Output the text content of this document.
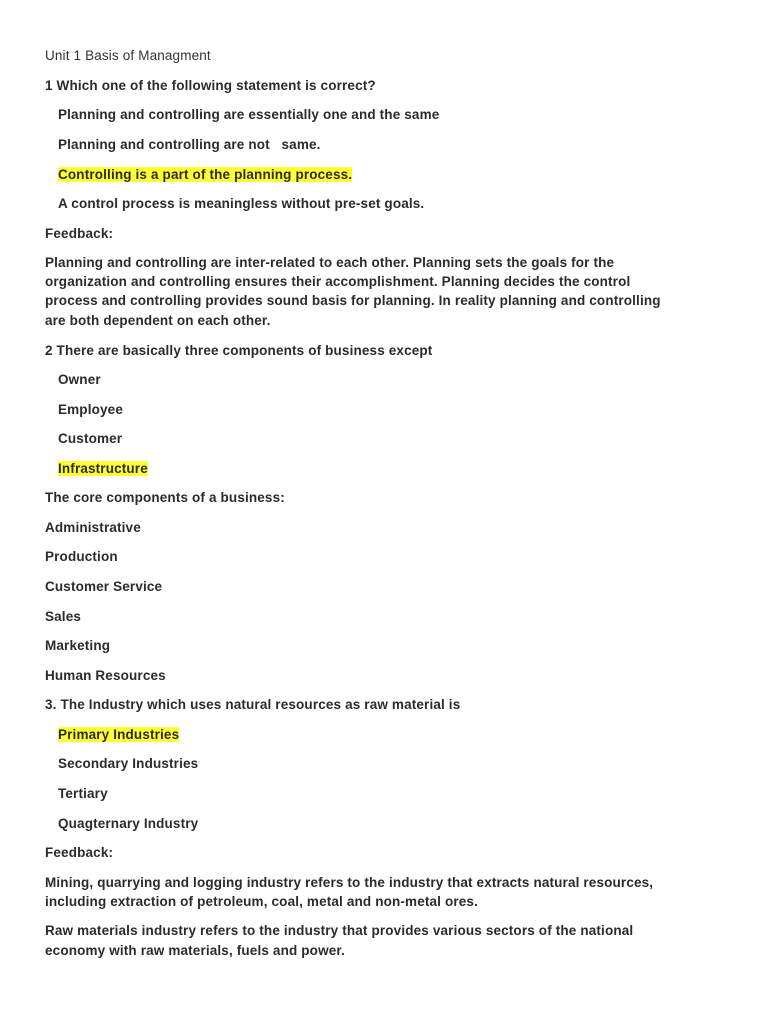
Unit 1 Basis of Managment
1 Which one of the following statement is correct?
Planning and controlling are essentially one and the same
Planning and controlling are not   same.
Controlling is a part of the planning process.
A control process is meaningless without pre-set goals.
Feedback:
Planning and controlling are inter-related to each other. Planning sets the goals for the
organization and controlling ensures their accomplishment. Planning decides the control
process and controlling provides sound basis for planning. In reality planning and controlling
are both dependent on each other.
2 There are basically three components of business except
Owner
Employee
Customer
Infrastructure
The core components of a business:
Administrative
Production
Customer Service
Sales
Marketing
Human Resources
3. The Industry which uses natural resources as raw material is
Primary Industries
Secondary Industries
Tertiary
Quagternary Industry
Feedback:
Mining, quarrying and logging industry refers to the industry that extracts natural resources,
including extraction of petroleum, coal, metal and non-metal ores.
Raw materials industry refers to the industry that provides various sectors of the national
economy with raw materials, fuels and power.
